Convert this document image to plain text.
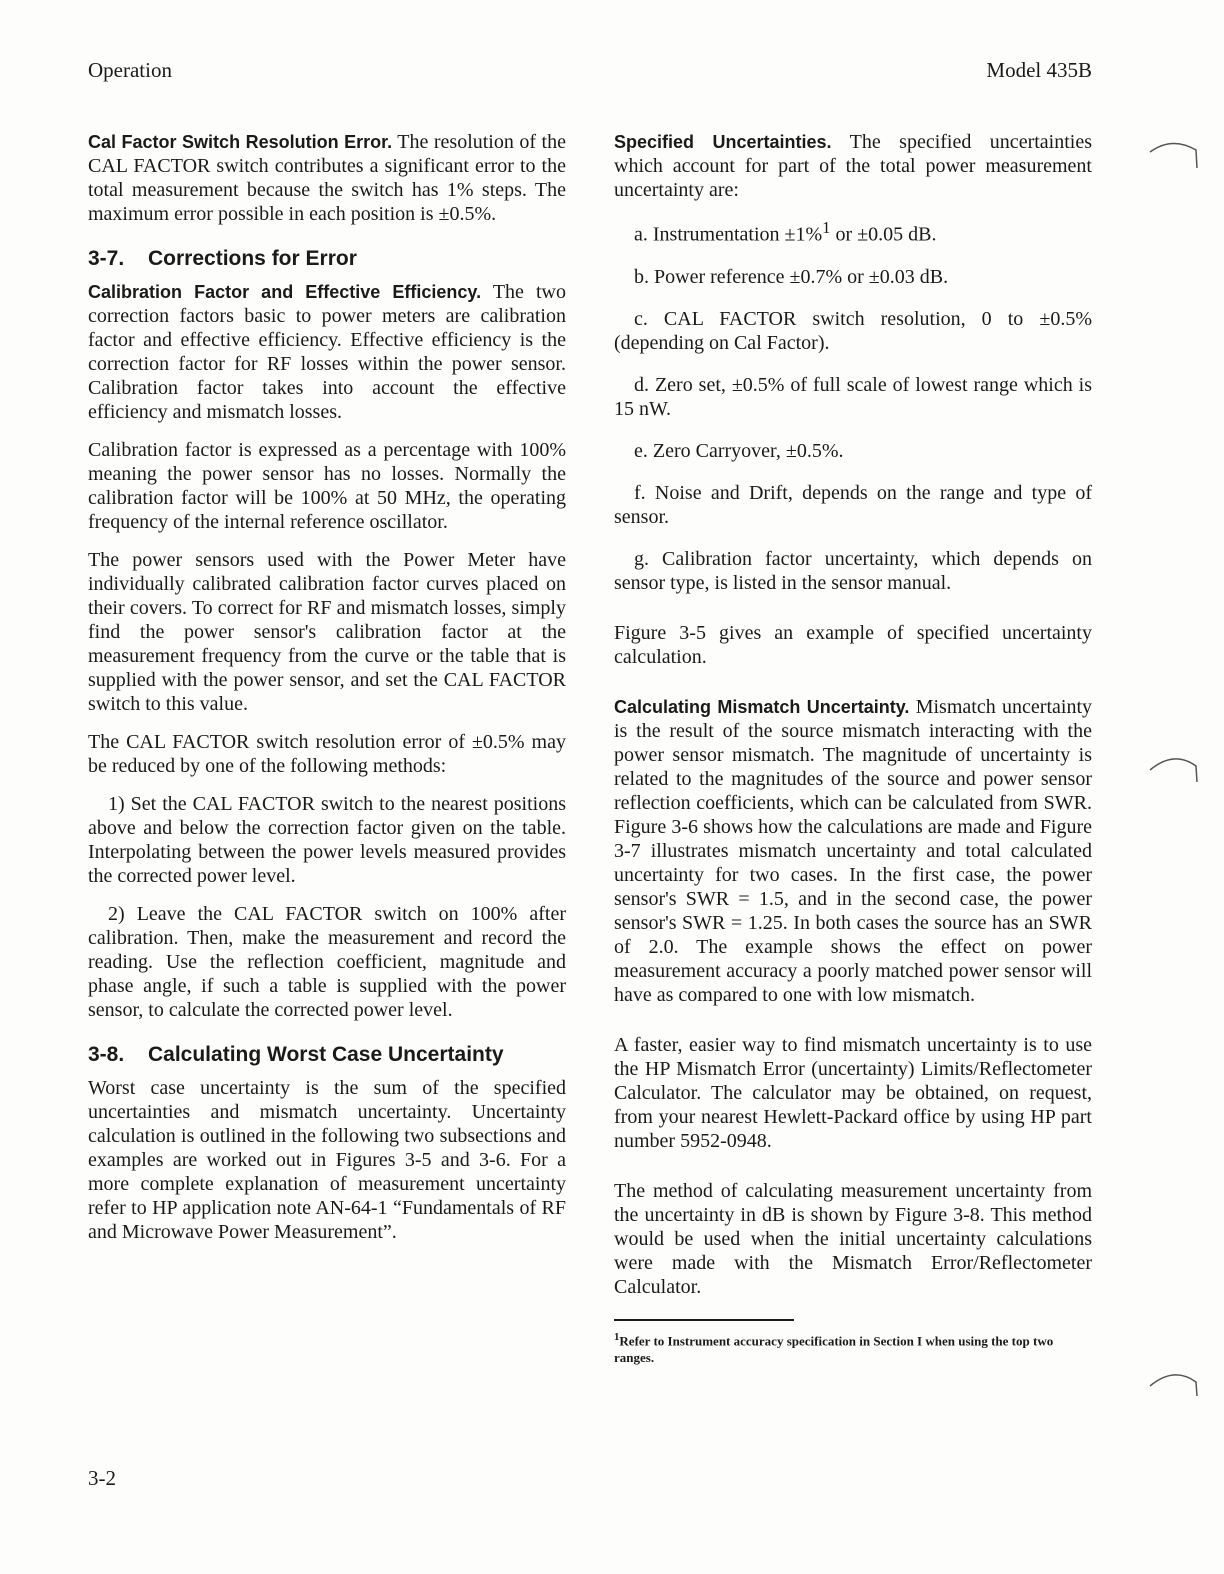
Operation	Model 435B

Cal Factor Switch Resolution Error. The resolution of the CAL FACTOR switch contributes a significant error to the total measurement because the switch has 1% steps. The maximum error possible in each position is ±0.5%.

3-7. Corrections for Error

Calibration Factor and Effective Efficiency. The two correction factors basic to power meters are calibration factor and effective efficiency. Effective efficiency is the correction factor for RF losses within the power sensor. Calibration factor takes into account the effective efficiency and mismatch losses.

Calibration factor is expressed as a percentage with 100% meaning the power sensor has no losses. Normally the calibration factor will be 100% at 50 MHz, the operating frequency of the internal reference oscillator.

The power sensors used with the Power Meter have individually calibrated calibration factor curves placed on their covers. To correct for RF and mismatch losses, simply find the power sensor's calibration factor at the measurement frequency from the curve or the table that is supplied with the power sensor, and set the CAL FACTOR switch to this value.

The CAL FACTOR switch resolution error of ±0.5% may be reduced by one of the following methods:

1) Set the CAL FACTOR switch to the nearest positions above and below the correction factor given on the table. Interpolating between the power levels measured provides the corrected power level.

2) Leave the CAL FACTOR switch on 100% after calibration. Then, make the measurement and record the reading. Use the reflection coefficient, magnitude and phase angle, if such a table is supplied with the power sensor, to calculate the corrected power level.

3-8. Calculating Worst Case Uncertainty

Worst case uncertainty is the sum of the specified uncertainties and mismatch uncertainty. Uncertainty calculation is outlined in the following two subsections and examples are worked out in Figures 3-5 and 3-6. For a more complete explanation of measurement uncertainty refer to HP application note AN-64-1 “Fundamentals of RF and Microwave Power Measurement”.

Specified Uncertainties. The specified uncertainties which account for part of the total power measurement uncertainty are:

a. Instrumentation ±1%$^1$ or ±0.05 dB.
b. Power reference ±0.7% or ±0.03 dB.
c. CAL FACTOR switch resolution, 0 to ±0.5% (depending on Cal Factor).
d. Zero set, ±0.5% of full scale of lowest range which is 15 nW.
e. Zero Carryover, ±0.5%.
f. Noise and Drift, depends on the range and type of sensor.
g. Calibration factor uncertainty, which depends on sensor type, is listed in the sensor manual.

Figure 3-5 gives an example of specified uncertainty calculation.

Calculating Mismatch Uncertainty. Mismatch uncertainty is the result of the source mismatch interacting with the power sensor mismatch. The magnitude of uncertainty is related to the magnitudes of the source and power sensor reflection coefficients, which can be calculated from SWR. Figure 3-6 shows how the calculations are made and Figure 3-7 illustrates mismatch uncertainty and total calculated uncertainty for two cases. In the first case, the power sensor's SWR = 1.5, and in the second case, the power sensor's SWR = 1.25. In both cases the source has an SWR of 2.0. The example shows the effect on power measurement accuracy a poorly matched power sensor will have as compared to one with low mismatch.

A faster, easier way to find mismatch uncertainty is to use the HP Mismatch Error (uncertainty) Limits/Reflectometer Calculator. The calculator may be obtained, on request, from your nearest Hewlett-Packard office by using HP part number 5952-0948.

The method of calculating measurement uncertainty from the uncertainty in dB is shown by Figure 3-8. This method would be used when the initial uncertainty calculations were made with the Mismatch Error/Reflectometer Calculator.

$^1$Refer to Instrument accuracy specification in Section I when using the top two ranges.
3-2
